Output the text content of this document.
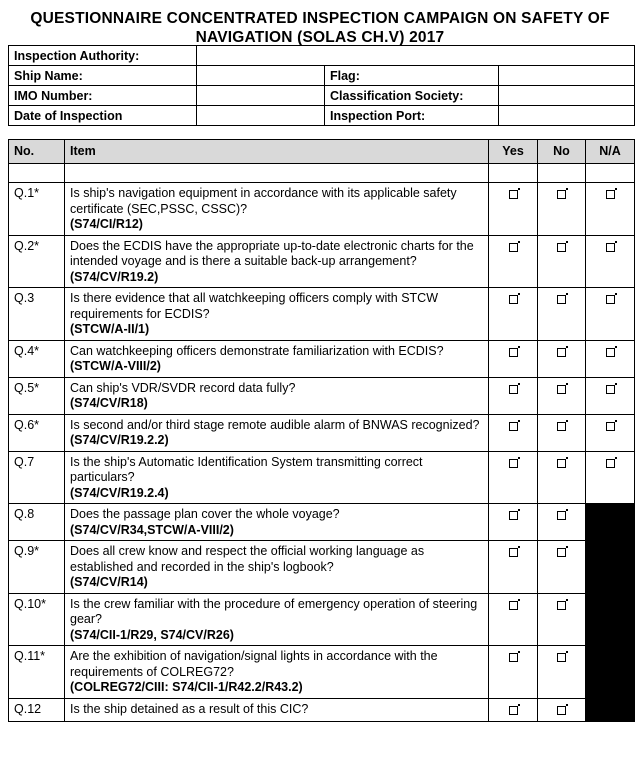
QUESTIONNAIRE CONCENTRATED INSPECTION CAMPAIGN ON SAFETY OF
NAVIGATION (SOLAS CH.V) 2017
Inspection Authority:			
Ship Name:		Flag:	
IMO Number:		Classification Society:	
Date of Inspection		Inspection Port:	
No.	Item	Yes	No	N/A

Q.1*	Is ship's navigation equipment in accordance with its applicable safety certificate (SEC,PSSC, CSSC)?
(S74/CI/R12)			

Q.2*	Does the ECDIS have the appropriate up-to-date electronic charts for the intended voyage and is there a suitable back-up arrangement?
(S74/CV/R19.2)			

Q.3	Is there evidence that all watchkeeping officers comply with STCW requirements for ECDIS?
(STCW/A-II/1)			

Q.4*	Can watchkeeping officers demonstrate familiarization with ECDIS?
(STCW/A-VIII/2)			

Q.5*	Can ship's VDR/SVDR record data fully?
(S74/CV/R18)			

Q.6*	Is second and/or third stage remote audible alarm of BNWAS recognized?
(S74/CV/R19.2.2)			

Q.7	Is the ship's Automatic Identification System transmitting correct particulars?
(S74/CV/R19.2.4)			

Q.8	Does the passage plan cover the whole voyage?
(S74/CV/R34,STCW/A-VIII/2)			

Q.9*	Does all crew know and respect the official working language as established and recorded in the ship's logbook?
(S74/CV/R14)			

Q.10*	Is the crew familiar with the procedure of emergency operation of steering gear?
(S74/CII-1/R29, S74/CV/R26)			

Q.11*	Are the exhibition of navigation/signal lights in accordance with the requirements of COLREG72?
(COLREG72/CIII: S74/CII-1/R42.2/R43.2)			

Q.12	Is the ship detained as a result of this CIC?			
